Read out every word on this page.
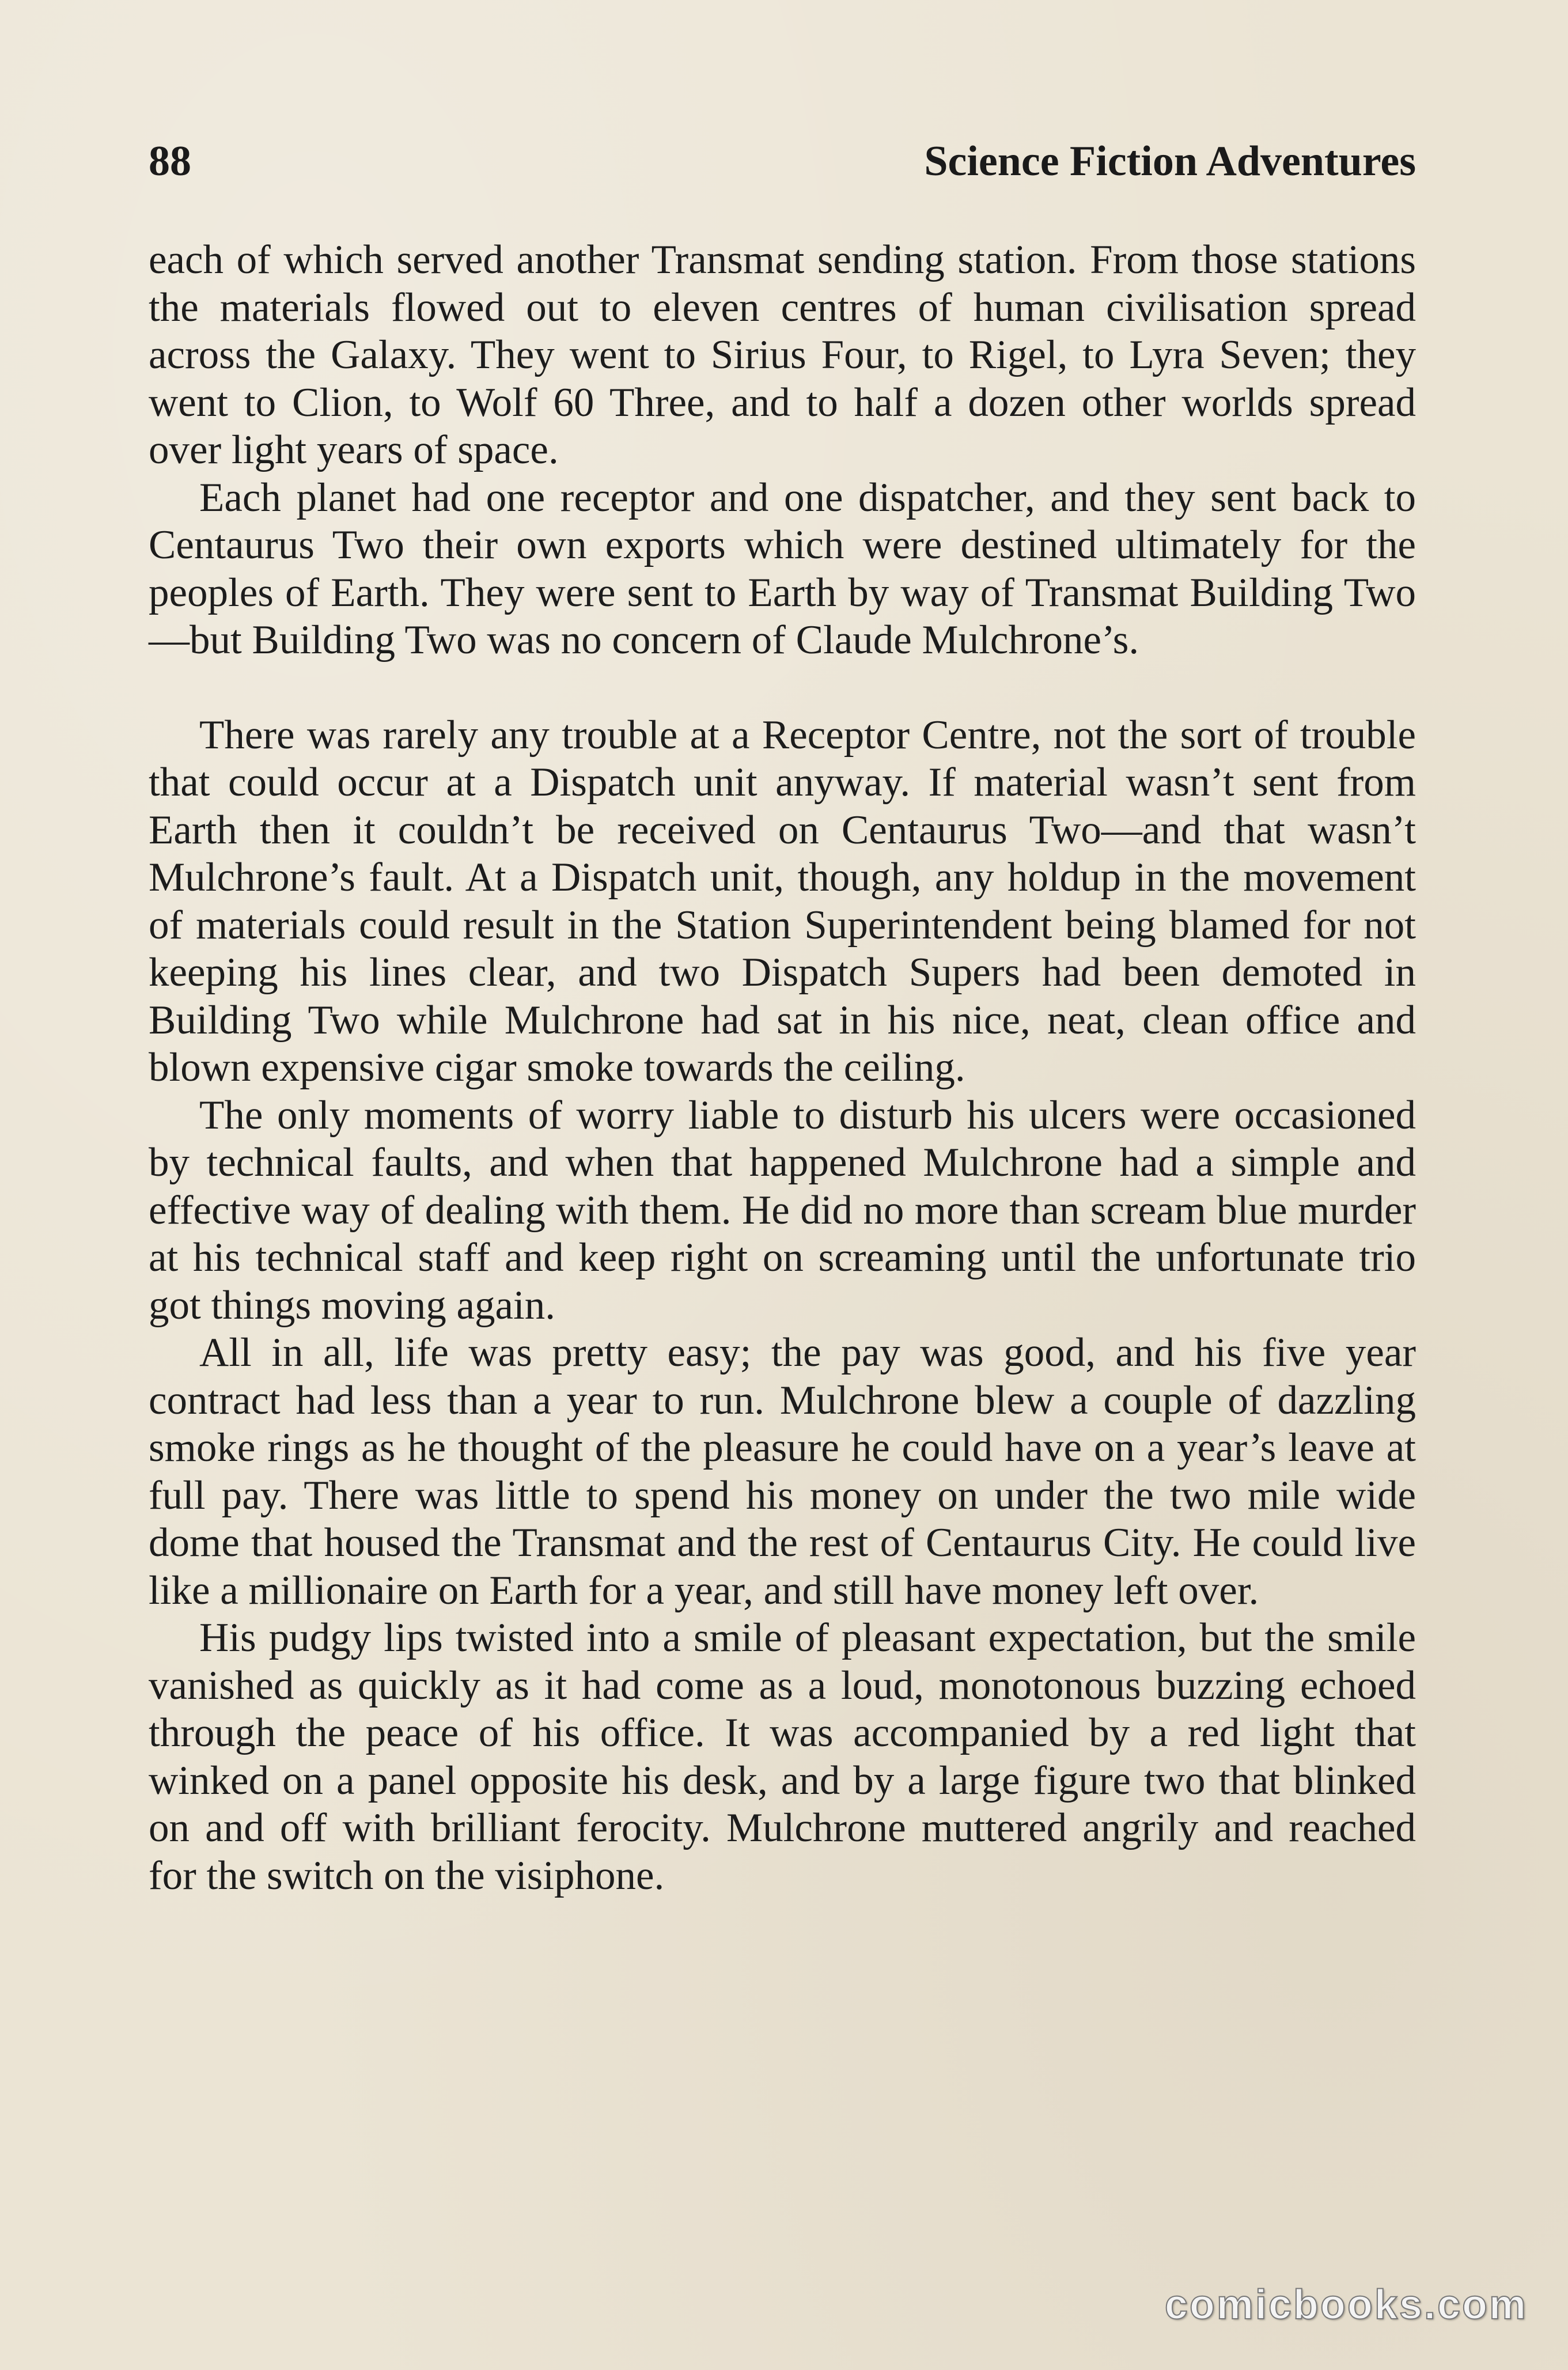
88	Science Fiction Adventures

each of which served another Transmat sending station. From those stations the materials flowed out to eleven centres of human civilisation spread across the Galaxy. They went to Sirius Four, to Rigel, to Lyra Seven; they went to Clion, to Wolf 60 Three, and to half a dozen other worlds spread over light years of space.

Each planet had one receptor and one dispatcher, and they sent back to Centaurus Two their own exports which were destined ultimately for the peoples of Earth. They were sent to Earth by way of Transmat Building Two—but Building Two was no concern of Claude Mulchrone’s.

There was rarely any trouble at a Receptor Centre, not the sort of trouble that could occur at a Dispatch unit anyway. If material wasn’t sent from Earth then it couldn’t be received on Centaurus Two—and that wasn’t Mulchrone’s fault. At a Dispatch unit, though, any holdup in the movement of materials could result in the Station Superintendent being blamed for not keeping his lines clear, and two Dispatch Supers had been demoted in Building Two while Mulchrone had sat in his nice, neat, clean office and blown expensive cigar smoke towards the ceiling.

The only moments of worry liable to disturb his ulcers were occasioned by technical faults, and when that happened Mulchrone had a simple and effective way of dealing with them. He did no more than scream blue murder at his technical staff and keep right on screaming until the unfortunate trio got things moving again.

All in all, life was pretty easy; the pay was good, and his five year contract had less than a year to run. Mulchrone blew a couple of dazzling smoke rings as he thought of the pleasure he could have on a year’s leave at full pay. There was little to spend his money on under the two mile wide dome that housed the Transmat and the rest of Centaurus City. He could live like a millionaire on Earth for a year, and still have money left over.

His pudgy lips twisted into a smile of pleasant expectation, but the smile vanished as quickly as it had come as a loud, monotonous buzzing echoed through the peace of his office. It was accompanied by a red light that winked on a panel opposite his desk, and by a large figure two that blinked on and off with brilliant ferocity. Mulchrone muttered angrily and reached for the switch on the visiphone.

comicbooks.com
